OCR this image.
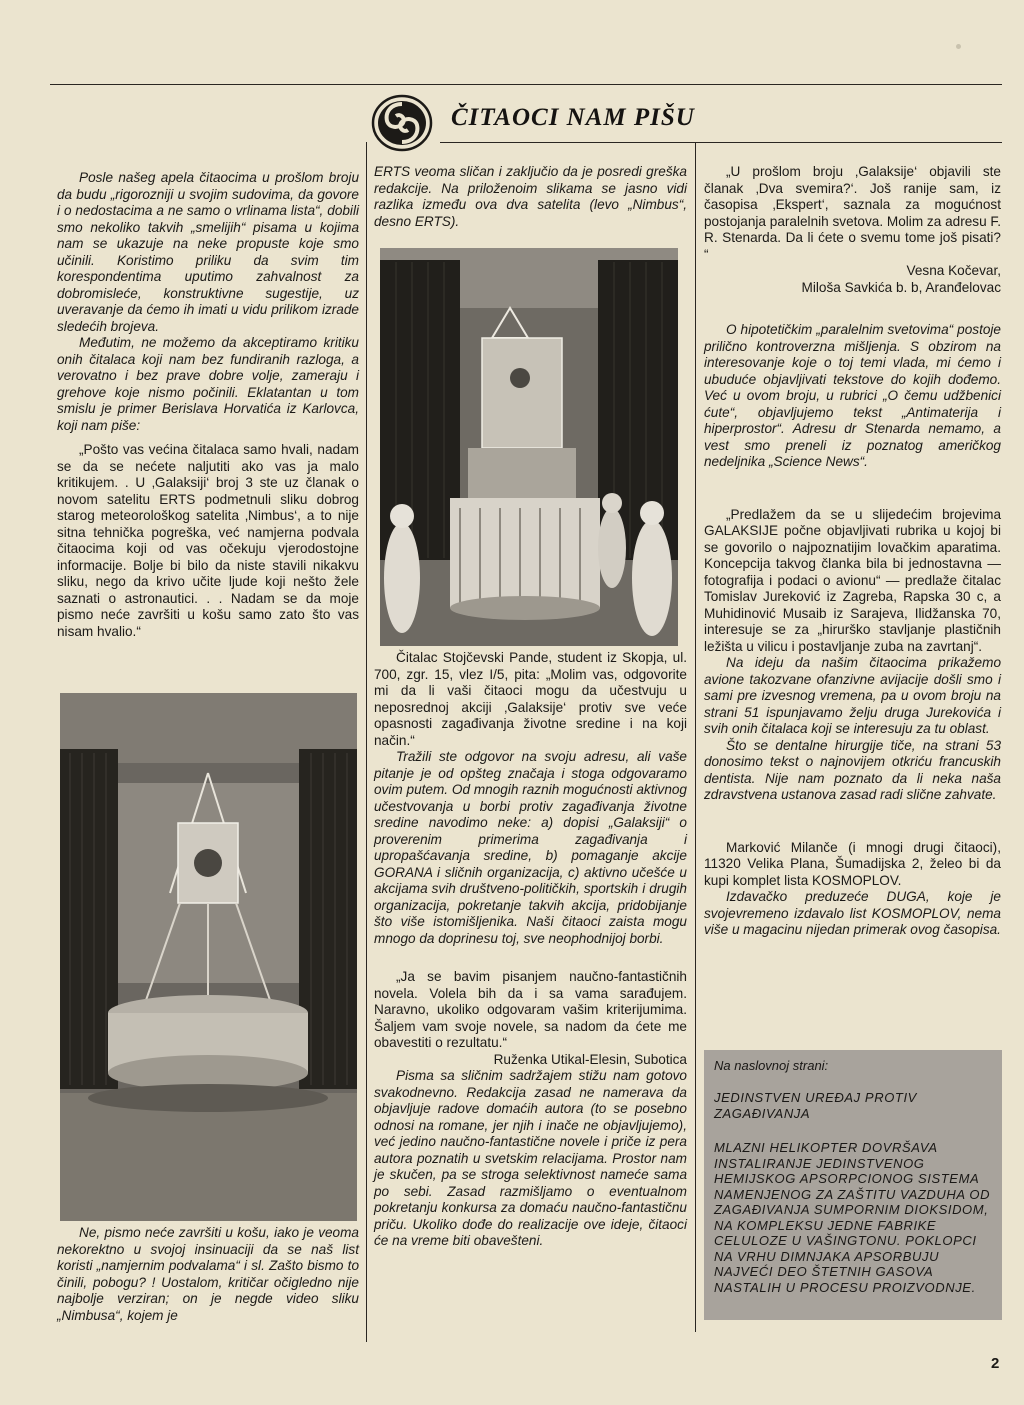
ČITAOCI NAM PIŠU

Posle našeg apela čitaocima u prošlom broju da budu „rigorozniji u svojim sudovima, da govore i o nedostacima a ne samo o vrlinama lista“, dobili smo nekoliko takvih „smelijih“ pisama u kojima nam se ukazuje na neke propuste koje smo učinili. Koristimo priliku da svim tim korespondentima uputimo zahvalnost za dobromisleće, konstruktivne sugestije, uz uveravanje da ćemo ih imati u vidu prilikom izrade sledećih brojeva.

Međutim, ne možemo da akceptiramo kritiku onih čitalaca koji nam bez fundiranih razloga, a verovatno i bez prave dobre volje, zameraju i grehove koje nismo počinili. Eklatantan u tom smislu je primer Berislava Horvatića iz Karlovca, koji nam piše:

„Pošto vas većina čitalaca samo hvali, nadam se da se nećete naljutiti ako vas ja malo kritikujem. . U ‚Galaksiji‘ broj 3 ste uz članak o novom satelitu ERTS podmetnuli sliku dobrog starog meteorološkog satelita ‚Nimbus‘, a to nije sitna tehnička pogreška, već namjerna podvala čitaocima koji od vas očekuju vjerodostojne informacije. Bolje bi bilo da niste stavili nikakvu sliku, nego da krivo učite ljude koji nešto žele saznati o astronautici. . . Nadam se da moje pismo neće završiti u košu samo zato što vas nisam hvalio.“

Ne, pismo neće završiti u košu, iako je veoma nekorektno u svojoj insinuaciji da se naš list koristi „namjernim podvalama“ i sl. Zašto bismo to činili, pobogu? ! Uostalom, kritičar očigledno nije najbolje verziran; on je negde video sliku „Nimbusa“, kojem je

ERTS veoma sličan i zaključio da je posredi greška redakcije. Na priloženoim slikama se jasno vidi razlika između ova dva satelita (levo „Nimbus“, desno ERTS).

Čitalac Stojčevski Pande, student iz Skopja, ul. 700, zgr. 15, vlez I/5, pita: „Molim vas, odgovorite mi da li vaši čitaoci mogu da učestvuju u neposrednoj akciji ‚Galaksije‘ protiv sve veće opasnosti zagađivanja životne sredine i na koji način.“

Tražili ste odgovor na svoju adresu, ali vaše pitanje je od opšteg značaja i stoga odgovaramo ovim putem. Od mnogih raznih mogućnosti aktivnog učestvovanja u borbi protiv zagađivanja životne sredine navodimo neke: a) dopisi „Galaksiji“ o proverenim primerima zagađivanja i upropašćavanja sredine, b) pomaganje akcije GORANA i sličnih organizacija, c) aktivno učešće u akcijama svih društveno-političkih, sportskih i drugih organizacija, pokretanje takvih akcija, pridobijanje što više istomišljenika. Naši čitaoci zaista mogu mnogo da doprinesu toj, sve neophodnijoj borbi.

„Ja se bavim pisanjem naučno-fantastičnih novela. Volela bih da i sa vama sarađujem. Naravno, ukoliko odgovaram vašim kriterijumima. Šaljem vam svoje novele, sa nadom da ćete me obavestiti o rezultatu.“

Ruženka Utikal-Elesin, Subotica

Pisma sa sličnim sadržajem stižu nam gotovo svakodnevno. Redakcija zasad ne namerava da objavljuje radove domaćih autora (to se posebno odnosi na romane, jer njih i inače ne objavljujemo), već jedino naučno-fantastične novele i priče iz pera autora poznatih u svetskim relacijama. Prostor nam je skučen, pa se stroga selektivnost nameće sama po sebi. Zasad razmišljamo o eventualnom pokretanju konkursa za domaću naučno-fantastičnu priču. Ukoliko dođe do realizacije ove ideje, čitaoci će na vreme biti obavešteni.

„U prošlom broju ‚Galaksije‘ objavili ste članak ‚Dva svemira?‘. Još ranije sam, iz časopisa ‚Ekspert‘, saznala za mogućnost postojanja paralelnih svetova. Molim za adresu F. R. Stenarda. Da li ćete o svemu tome još pisati? “

Vesna Kočevar,

Miloša Savkića b. b, Aranđelovac

O hipotetičkim „paralelnim svetovima“ postoje prilično kontroverzna mišljenja. S obzirom na interesovanje koje o toj temi vlada, mi ćemo i ubuduće objavljivati tekstove do kojih dođemo. Već u ovom broju, u rubrici „O čemu udžbenici ćute“, objavljujemo tekst „Antimaterija i hiperprostor“. Adresu dr Stenarda nemamo, a vest smo preneli iz poznatog američkog nedeljnika „Science News“.

„Predlažem da se u slijedećim brojevima GALAKSIJE počne objavljivati rubrika u kojoj bi se govorilo o najpoznatijim lovačkim aparatima. Koncepcija takvog članka bila bi jednostavna — fotografija i podaci o avionu“ — predlaže čitalac Tomislav Jureković iz Zagreba, Rapska 30 c, a Muhidinović Musaib iz Sarajeva, Ilidžanska 70, interesuje se za „hirurško stavljanje plastičnih ležišta u vilicu i postavljanje zuba na zavrtanj“.

Na ideju da našim čitaocima prikažemo avione takozvane ofanzivne avijacije došli smo i sami pre izvesnog vremena, pa u ovom broju na strani 51 ispunjavamo želju druga Jurekovića i svih onih čitalaca koji se interesuju za tu oblast.

Što se dentalne hirurgije tiče, na strani 53 donosimo tekst o najnovijem otkriću francuskih dentista. Nije nam poznato da li neka naša zdravstvena ustanova zasad radi slične zahvate.

Marković Milanče (i mnogi drugi čitaoci), 11320 Velika Plana, Šumadijska 2, želeo bi da kupi komplet lista KOSMOPLOV.

Izdavačko preduzeće DUGA, koje je svojevremeno izdavalo list KOSMOPLOV, nema više u magacinu nijedan primerak ovog časopisa.

Na naslovnoj strani:

JEDINSTVEN UREĐAJ PROTIV ZAGAĐIVANJA

MLAZNI HELIKOPTER DOVRŠAVA INSTALIRANJE JEDINSTVENOG HEMIJSKOG APSORPCIONOG SISTEMA NAMENJENOG ZA ZAŠTITU VAZDUHA OD ZAGAĐIVANJA SUMPORNIM DIOKSIDOM, NA KOMPLEKSU JEDNE FABRIKE CELULOZE U VAŠINGTONU. POKLOPCI NA VRHU DIMNJAKA APSORBUJU NAJVEĆI DEO ŠTETNIH GASOVA NASTALIH U PROCESU PROIZVODNJE.

2
